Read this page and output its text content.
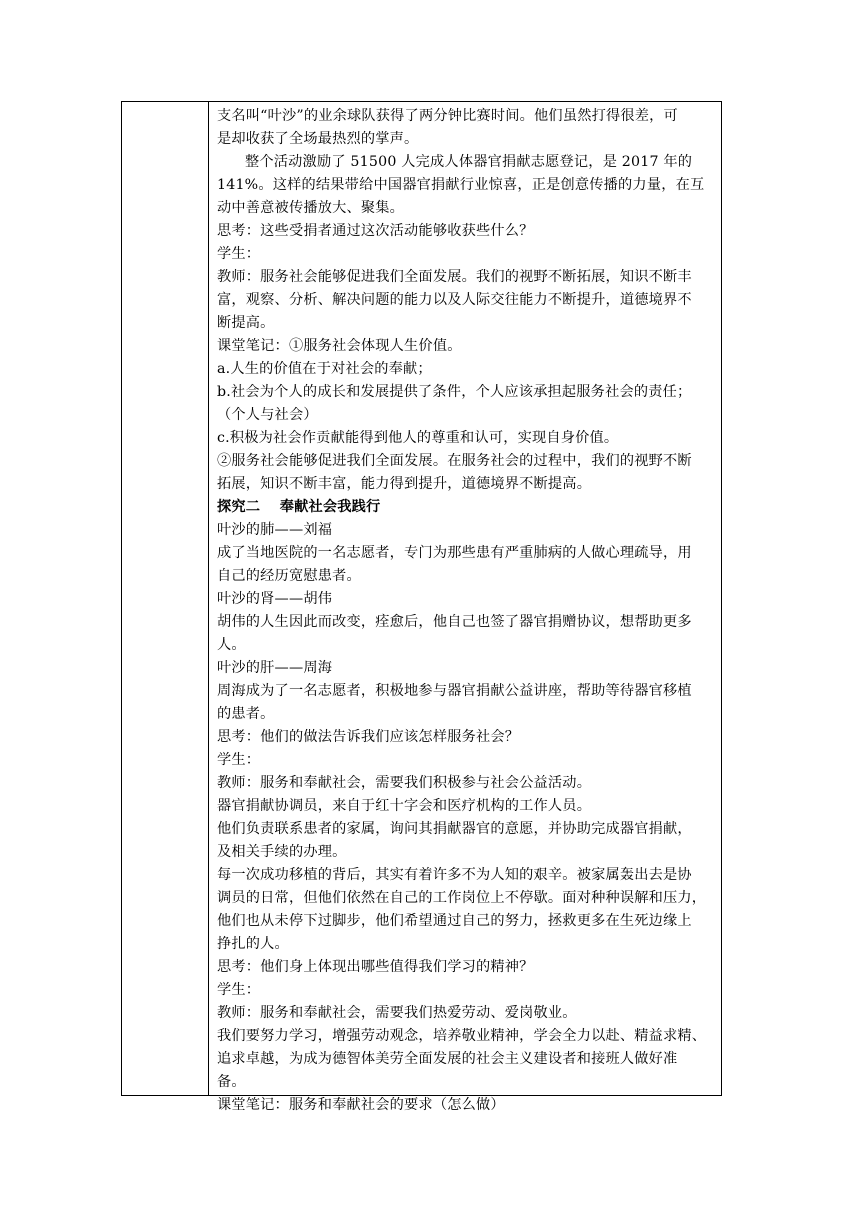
支名叫“叶沙”的业余球队获得了两分钟比赛时间。他们虽然打得很差，可
是却收获了全场最热烈的掌声。
整个活动激励了 51500 人完成人体器官捐献志愿登记，是 2017 年的
141%。这样的结果带给中国器官捐献行业惊喜，正是创意传播的力量，在互
动中善意被传播放大、聚集。
思考：这些受捐者通过这次活动能够收获些什么？
学生：
教师：服务社会能够促进我们全面发展。我们的视野不断拓展，知识不断丰
富，观察、分析、解决问题的能力以及人际交往能力不断提升，道德境界不
断提高。
课堂笔记：①服务社会体现人生价值。
a.人生的价值在于对社会的奉献；
b.社会为个人的成长和发展提供了条件，个人应该承担起服务社会的责任；
（个人与社会）
c.积极为社会作贡献能得到他人的尊重和认可，实现自身价值。
②服务社会能够促进我们全面发展。在服务社会的过程中，我们的视野不断
拓展，知识不断丰富，能力得到提升，道德境界不断提高。
探究二　 奉献社会我践行
叶沙的肺——刘福
成了当地医院的一名志愿者，专门为那些患有严重肺病的人做心理疏导，用
自己的经历宽慰患者。
叶沙的肾——胡伟
胡伟的人生因此而改变，痊愈后，他自己也签了器官捐赠协议，想帮助更多
人。
叶沙的肝——周海
周海成为了一名志愿者，积极地参与器官捐献公益讲座，帮助等待器官移植
的患者。
思考：他们的做法告诉我们应该怎样服务社会？
学生：
教师：服务和奉献社会，需要我们积极参与社会公益活动。
器官捐献协调员，来自于红十字会和医疗机构的工作人员。
他们负责联系患者的家属，询问其捐献器官的意愿，并协助完成器官捐献，
及相关手续的办理。
每一次成功移植的背后，其实有着许多不为人知的艰辛。被家属轰出去是协
调员的日常，但他们依然在自己的工作岗位上不停歇。面对种种误解和压力，
他们也从未停下过脚步，他们希望通过自己的努力，拯救更多在生死边缘上
挣扎的人。
思考：他们身上体现出哪些值得我们学习的精神？
学生：
教师：服务和奉献社会，需要我们热爱劳动、爱岗敬业。
我们要努力学习，增强劳动观念，培养敬业精神，学会全力以赴、精益求精、
追求卓越，为成为德智体美劳全面发展的社会主义建设者和接班人做好准
备。
课堂笔记：服务和奉献社会的要求（怎么做）
